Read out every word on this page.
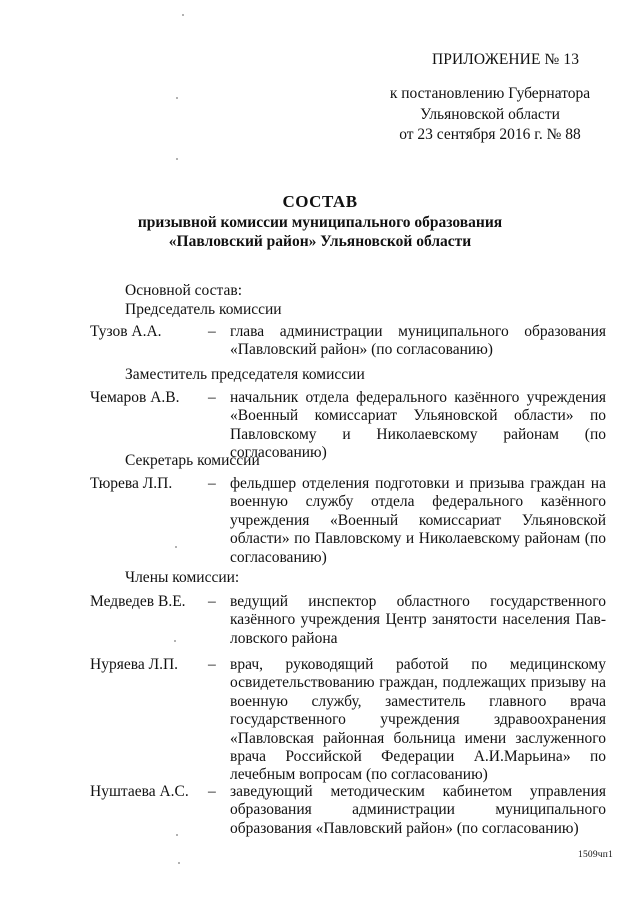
ПРИЛОЖЕНИЕ № 13
к постановлению Губернатора
Ульяновской области
от 23 сентября 2016 г. № 88
СОСТАВ
призывной комиссии муниципального образования
«Павловский район» Ульяновской области
Основной состав:
Председатель комиссии
Тузов А.А.	– глава администрации муниципального образования «Павловский район» (по согласованию)
Заместитель председателя комиссии
Чемаров А.В. – начальник отдела федерального казённого учреждения «Военный комиссариат Ульяновской области» по Павловскому и Николаевскому районам (по согласованию)
Секретарь комиссии
Тюрева Л.П. – фельдшер отделения подготовки и призыва граждан на военную службу отдела федерального казённого учреждения «Военный комиссариат Ульяновской области» по Павловскому и Николаевскому районам (по согласованию)
Члены комиссии:
Медведев В.Е. – ведущий инспектор областного государственного казённого учреждения Центр занятости населения Павловского района
Нуряева Л.П. – врач, руководящий работой по медицинскому освидетельствованию граждан, подлежащих призыву на военную службу, заместитель главного врача государственного учреждения здравоохранения «Павловская районная больница имени заслуженного врача Российской Федерации А.И.Марьина» по лечебным вопросам (по согласованию)
Нуштаева А.С. – заведующий методическим кабинетом управления образования администрации муниципального образования «Павловский район» (по согласованию)
1509чп1
